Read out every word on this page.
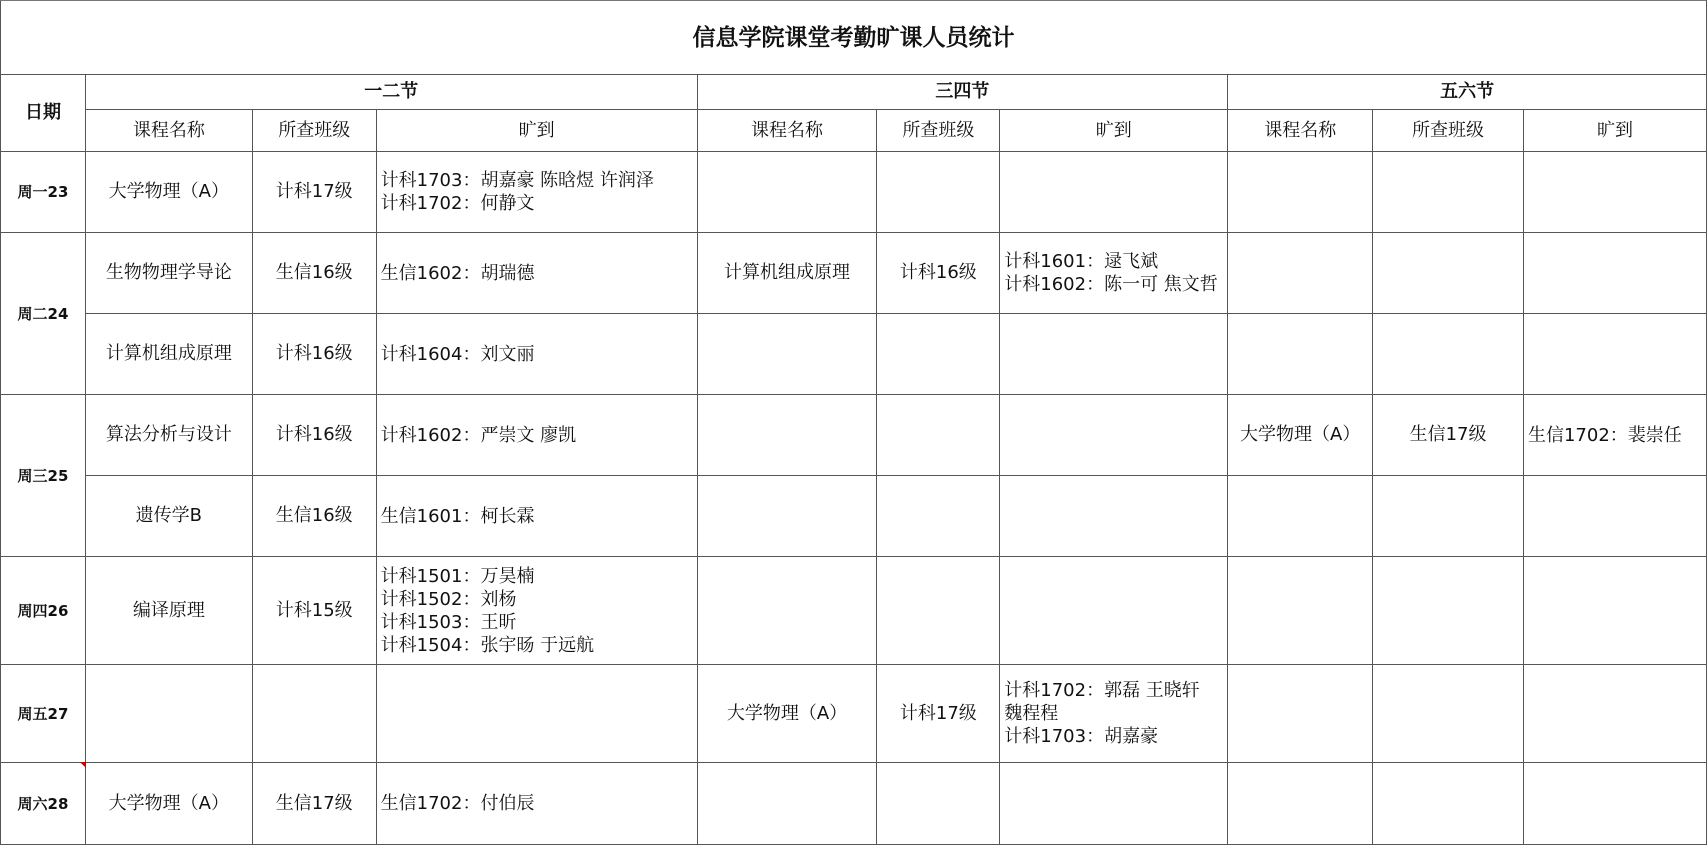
信息学院课堂考勤旷课人员统计									
日期	一二节			三四节			五六节		
	课程名称	所查班级	旷到	课程名称	所查班级	旷到	课程名称	所查班级	旷到
周一23	大学物理（A）	计科17级	计科1703：胡嘉豪 陈晗煜 许润泽
计科1702：何静文						

周二24	生物物理学导论	生信16级	生信1602：胡瑞德	计算机组成原理	计科16级	计科1601：逯飞斌
计科1602：陈一可 焦文哲			

	计算机组成原理	计科16级	计科1604：刘文丽						

周三25	算法分析与设计	计科16级	计科1602：严崇文 廖凯				大学物理（A）	生信17级	生信1702：裴崇任

	遗传学B	生信16级	生信1601：柯长霖						

周四26	编译原理	计科15级	计科1501：万昊楠
计科1502：刘杨
计科1503：王昕
计科1504：张宇旸 于远航						

周五27				大学物理（A）	计科17级	计科1702：郭磊 王晓轩
魏程程
计科1703：胡嘉豪			

周六28	大学物理（A）	生信17级	生信1702：付伯辰						
